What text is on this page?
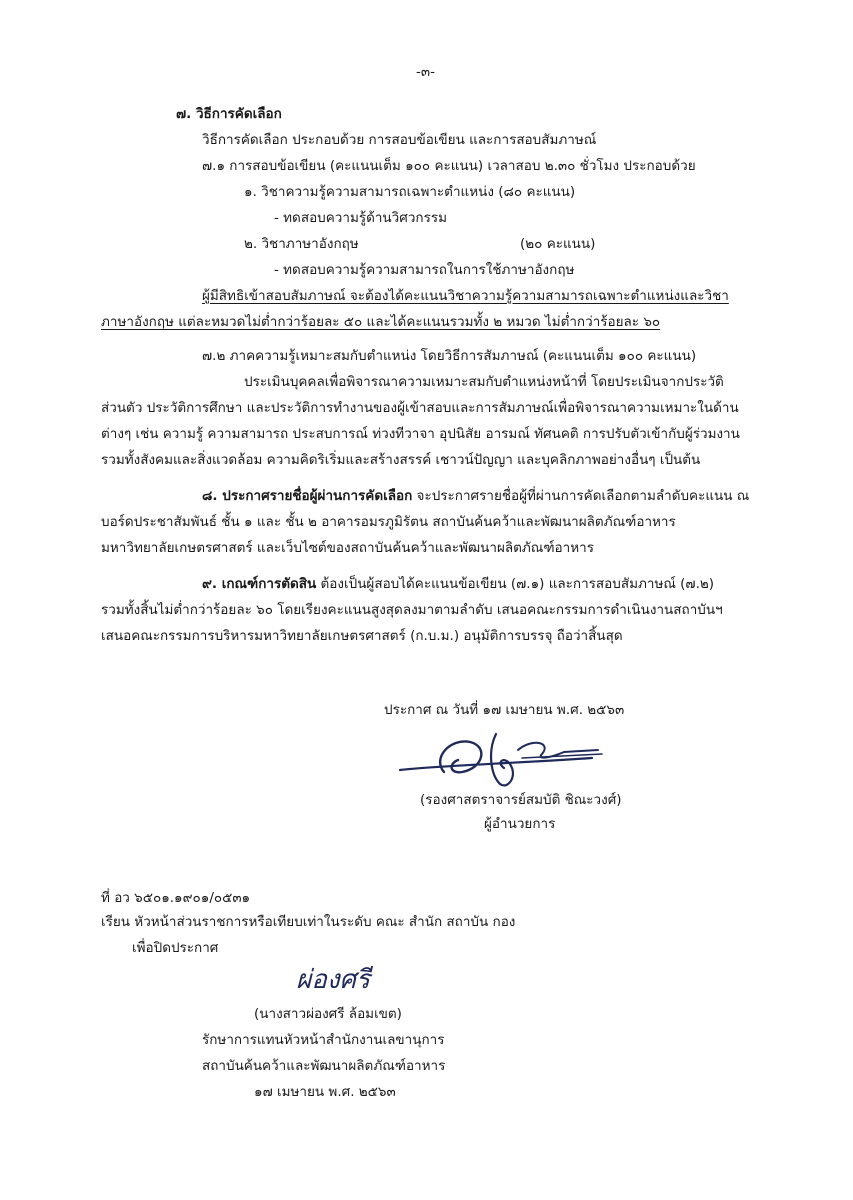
-๓-
๗. วิธีการคัดเลือก
วิธีการคัดเลือก ประกอบด้วย การสอบข้อเขียน และการสอบสัมภาษณ์
๗.๑ การสอบข้อเขียน (คะแนนเต็ม ๑๐๐ คะแนน) เวลาสอบ ๒.๓๐ ชั่วโมง ประกอบด้วย
๑. วิชาความรู้ความสามารถเฉพาะตำแหน่ง (๘๐ คะแนน)
- ทดสอบความรู้ด้านวิศวกรรม
๒. วิชาภาษาอังกฤษ	(๒๐ คะแนน)
- ทดสอบความรู้ความสามารถในการใช้ภาษาอังกฤษ
ผู้มีสิทธิเข้าสอบสัมภาษณ์ จะต้องได้คะแนนวิชาความรู้ความสามารถเฉพาะตำแหน่งและวิชา
ภาษาอังกฤษ แต่ละหมวดไม่ต่ำกว่าร้อยละ ๕๐ และได้คะแนนรวมทั้ง ๒ หมวด ไม่ต่ำกว่าร้อยละ ๖๐
๗.๒ ภาคความรู้เหมาะสมกับตำแหน่ง โดยวิธีการสัมภาษณ์ (คะแนนเต็ม ๑๐๐ คะแนน)
ประเมินบุคคลเพื่อพิจารณาความเหมาะสมกับตำแหน่งหน้าที่ โดยประเมินจากประวัติ
ส่วนตัว ประวัติการศึกษา และประวัติการทำงานของผู้เข้าสอบและการสัมภาษณ์เพื่อพิจารณาความเหมาะในด้าน
ต่างๆ เช่น ความรู้ ความสามารถ ประสบการณ์ ท่วงทีวาจา อุปนิสัย อารมณ์ ทัศนคติ การปรับตัวเข้ากับผู้ร่วมงาน
รวมทั้งสังคมและสิ่งแวดล้อม ความคิดริเริ่มและสร้างสรรค์ เชาวน์ปัญญา และบุคลิกภาพอย่างอื่นๆ เป็นต้น
๘. ประกาศรายชื่อผู้ผ่านการคัดเลือก จะประกาศรายชื่อผู้ที่ผ่านการคัดเลือกตามลำดับคะแนน ณ
บอร์ดประชาสัมพันธ์ ชั้น ๑ และ ชั้น ๒ อาคารอมรภูมิรัตน สถาบันค้นคว้าและพัฒนาผลิตภัณฑ์อาหาร
มหาวิทยาลัยเกษตรศาสตร์ และเว็บไซต์ของสถาบันค้นคว้าและพัฒนาผลิตภัณฑ์อาหาร
๙. เกณฑ์การตัดสิน ต้องเป็นผู้สอบได้คะแนนข้อเขียน (๗.๑) และการสอบสัมภาษณ์ (๗.๒)
รวมทั้งสิ้นไม่ต่ำกว่าร้อยละ ๖๐ โดยเรียงคะแนนสูงสุดลงมาตามลำดับ เสนอคณะกรรมการดำเนินงานสถาบันฯ
เสนอคณะกรรมการบริหารมหาวิทยาลัยเกษตรศาสตร์ (ก.บ.ม.) อนุมัติการบรรจุ ถือว่าสิ้นสุด
ประกาศ ณ วันที่ ๑๗ เมษายน พ.ศ. ๒๕๖๓
(รองศาสตราจารย์สมบัติ ชิณะวงศ์)
ผู้อำนวยการ
ที่ อว ๖๕๐๑.๑๙๐๑/๐๕๓๑
เรียน หัวหน้าส่วนราชการหรือเทียบเท่าในระดับ คณะ สำนัก สถาบัน กอง
เพื่อปิดประกาศ
ผ่องศรี
(นางสาวผ่องศรี ล้อมเขต)
รักษาการแทนหัวหน้าสำนักงานเลขานุการ
สถาบันค้นคว้าและพัฒนาผลิตภัณฑ์อาหาร
๑๗ เมษายน พ.ศ. ๒๕๖๓
